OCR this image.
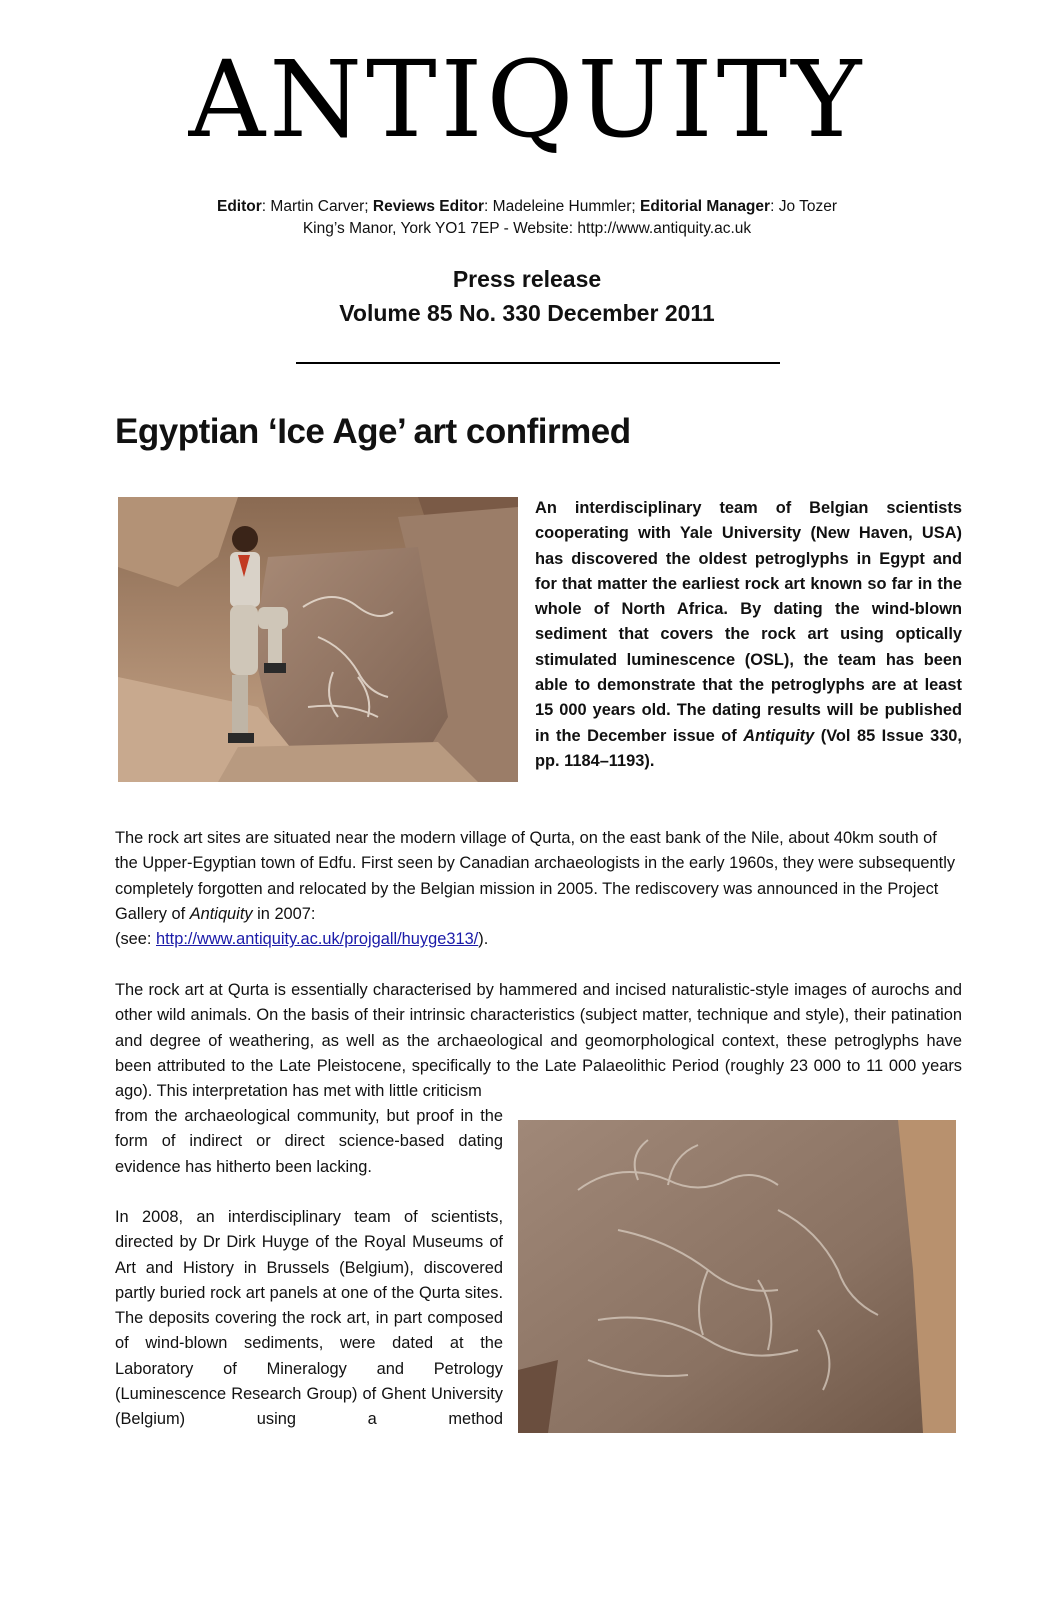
ANTIQUITY
Editor: Martin Carver; Reviews Editor: Madeleine Hummler; Editorial Manager: Jo Tozer
King’s Manor, York YO1 7EP - Website: http://www.antiquity.ac.uk
Press release
Volume 85 No. 330 December 2011
Egyptian ‘Ice Age’ art confirmed
An interdisciplinary team of Belgian scientists cooperating with Yale University (New Haven, USA) has discovered the oldest petroglyphs in Egypt and for that matter the earliest rock art known so far in the whole of North Africa. By dating the wind-blown sediment that covers the rock art using optically stimulated luminescence (OSL), the team has been able to demonstrate that the petroglyphs are at least 15 000 years old. The dating results will be published in the December issue of Antiquity (Vol 85 Issue 330, pp. 1184–1193).
The rock art sites are situated near the modern village of Qurta, on the east bank of the Nile, about 40km south of the Upper-Egyptian town of Edfu. First seen by Canadian archaeologists in the early 1960s, they were subsequently completely forgotten and relocated by the Belgian mission in 2005. The rediscovery was announced in the Project Gallery of Antiquity in 2007:
(see: http://www.antiquity.ac.uk/projgall/huyge313/).
The rock art at Qurta is essentially characterised by hammered and incised naturalistic-style images of aurochs and other wild animals. On the basis of their intrinsic characteristics (subject matter, technique and style), their patination and degree of weathering, as well as the archaeological and geomorphological context, these petroglyphs have been attributed to the Late Pleistocene, specifically to the Late Palaeolithic Period (roughly 23 000 to 11 000 years ago). This interpretation has met with little criticism
from the archaeological community, but proof in the form of indirect or direct science-based dating evidence has hitherto been lacking.
In 2008, an interdisciplinary team of scientists, directed by Dr Dirk Huyge of the Royal Museums of Art and History in Brussels (Belgium), discovered partly buried rock art panels at one of the Qurta sites. The deposits covering the rock art, in part composed of wind-blown sediments, were dated at the Laboratory of Mineralogy and Petrology (Luminescence Research Group) of Ghent University (Belgium) using a method
